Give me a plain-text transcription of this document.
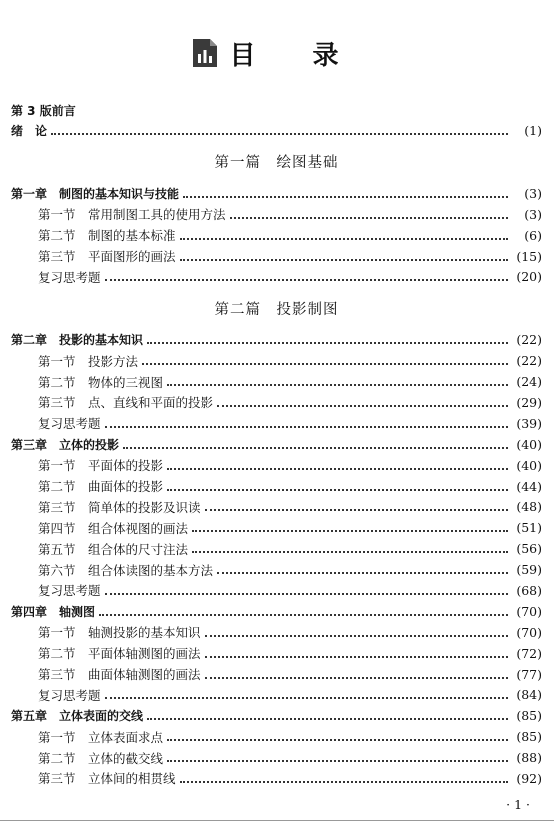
目 录
第 3 版前言
绪　论	(1)
第一篇　绘图基础
第一章　制图的基本知识与技能	(3)
第一节　常用制图工具的使用方法	(3)
第二节　制图的基本标准	(6)
第三节　平面图形的画法	(15)
复习思考题	(20)
第二篇　投影制图
第二章　投影的基本知识	(22)
第一节　投影方法	(22)
第二节　物体的三视图	(24)
第三节　点、直线和平面的投影	(29)
复习思考题	(39)
第三章　立体的投影	(40)
第一节　平面体的投影	(40)
第二节　曲面体的投影	(44)
第三节　简单体的投影及识读	(48)
第四节　组合体视图的画法	(51)
第五节　组合体的尺寸注法	(56)
第六节　组合体读图的基本方法	(59)
复习思考题	(68)
第四章　轴测图	(70)
第一节　轴测投影的基本知识	(70)
第二节　平面体轴测图的画法	(72)
第三节　曲面体轴测图的画法	(77)
复习思考题	(84)
第五章　立体表面的交线	(85)
第一节　立体表面求点	(85)
第二节　立体的截交线	(88)
第三节　立体间的相贯线	(92)
· 1 ·
